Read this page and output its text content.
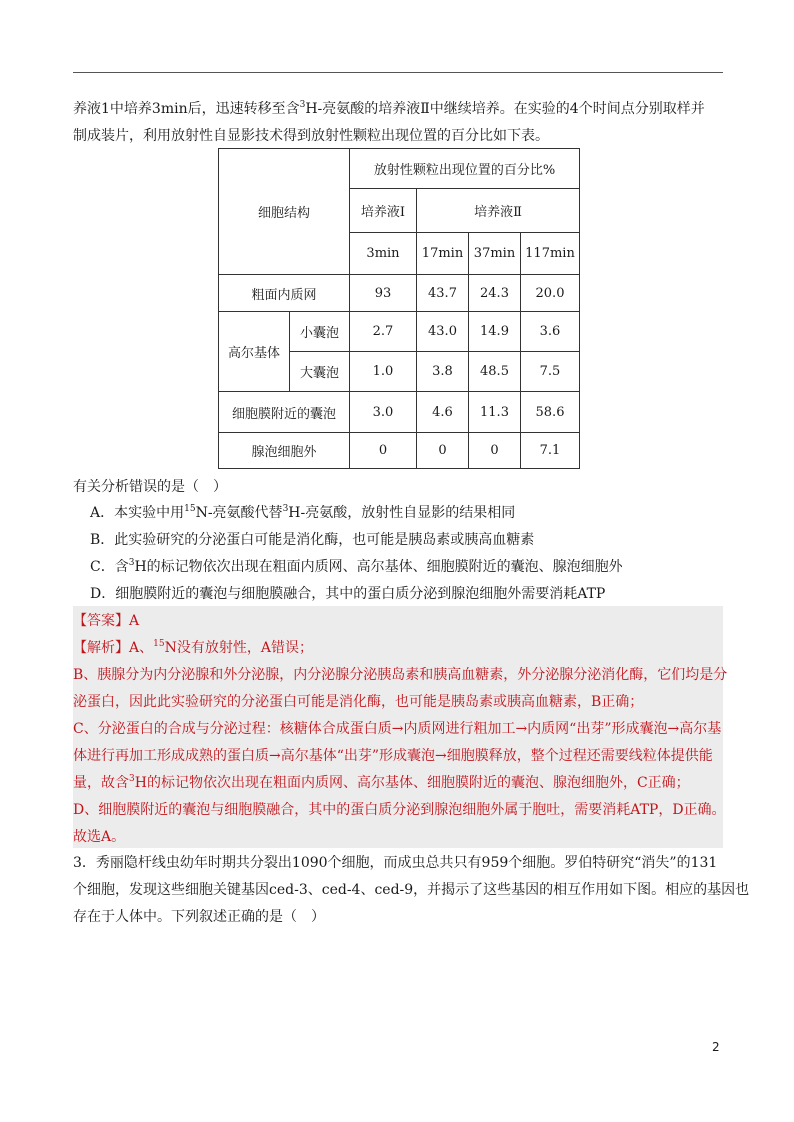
养液1中培养3min后，迅速转移至含$^3$H-亮氨酸的培养液Ⅱ中继续培养。在实验的4个时间点分别取样并
制成装片，利用放射性自显影技术得到放射性颗粒出现位置的百分比如下表。
细胞结构		放射性颗粒出现位置的百分比%			
		培养液Ⅰ	培养液Ⅱ		
		3min	17min	37min	117min
粗面内质网		93	43.7	24.3	20.0
高尔基体	小囊泡	2.7	43.0	14.9	3.6
	大囊泡	1.0	3.8	48.5	7.5
细胞膜附近的囊泡		3.0	4.6	11.3	58.6
腺泡细胞外		0	0	0	7.1
有关分析错误的是（　）
A．本实验中用$^{15}$N-亮氨酸代替$^3$H-亮氨酸，放射性自显影的结果相同
B．此实验研究的分泌蛋白可能是消化酶，也可能是胰岛素或胰高血糖素
C．含$^3$H的标记物依次出现在粗面内质网、高尔基体、细胞膜附近的囊泡、腺泡细胞外
D．细胞膜附近的囊泡与细胞膜融合，其中的蛋白质分泌到腺泡细胞外需要消耗ATP
【答案】A
【解析】A、$^{15}$N没有放射性，A错误；
B、胰腺分为内分泌腺和外分泌腺，内分泌腺分泌胰岛素和胰高血糖素，外分泌腺分泌消化酶，它们均是分
泌蛋白，因此此实验研究的分泌蛋白可能是消化酶，也可能是胰岛素或胰高血糖素，B正确；
C、分泌蛋白的合成与分泌过程：核糖体合成蛋白质→内质网进行粗加工→内质网“出芽”形成囊泡→高尔基
体进行再加工形成成熟的蛋白质→高尔基体“出芽”形成囊泡→细胞膜释放，整个过程还需要线粒体提供能
量，故含$^3$H的标记物依次出现在粗面内质网、高尔基体、细胞膜附近的囊泡、腺泡细胞外，C正确；
D、细胞膜附近的囊泡与细胞膜融合，其中的蛋白质分泌到腺泡细胞外属于胞吐，需要消耗ATP，D正确。
故选A。
3．秀丽隐杆线虫幼年时期共分裂出1090个细胞，而成虫总共只有959个细胞。罗伯特研究“消失”的131
个细胞，发现这些细胞关键基因ced-3、ced-4、ced-9，并揭示了这些基因的相互作用如下图。相应的基因也
存在于人体中。下列叙述正确的是（　）
2
